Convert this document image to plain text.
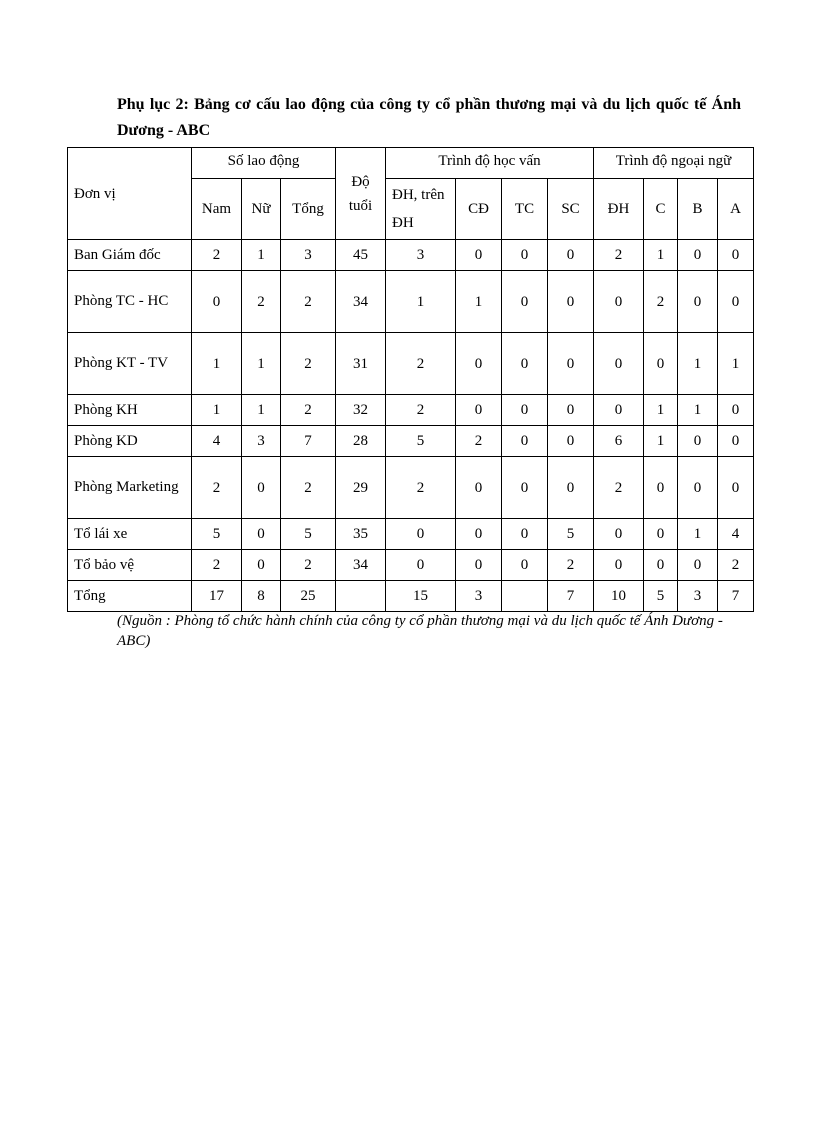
Phụ lục 2: Bảng cơ cấu lao động của công ty cổ phần thương mại và du lịch quốc tế Ánh Dương - ABC

Đơn vị	Số lao động			Độ tuổi	Trình độ học vấn				Trình độ ngoại ngữ			
	Nam	Nữ	Tổng		ĐH, trên ĐH	CĐ	TC	SC	ĐH	C	B	A

Ban Giám đốc	2	1	3	45	3	0	0	0	2	1	0	0

Phòng TC - HC	0	2	2	34	1	1	0	0	0	2	0	0

Phòng KT - TV	1	1	2	31	2	0	0	0	0	0	1	1

Phòng KH	1	1	2	32	2	0	0	0	0	1	1	0

Phòng KD	4	3	7	28	5	2	0	0	6	1	0	0

Phòng Marketing	2	0	2	29	2	0	0	0	2	0	0	0

Tổ lái xe	5	0	5	35	0	0	0	5	0	0	1	4

Tổ bảo vệ	2	0	2	34	0	0	0	2	0	0	0	2

Tổng	17	8	25		15	3		7	10	5	3	7

(Nguồn : Phòng tổ chức hành chính của công ty cổ phần thương mại và du lịch quốc tế Ánh Dương - ABC)
